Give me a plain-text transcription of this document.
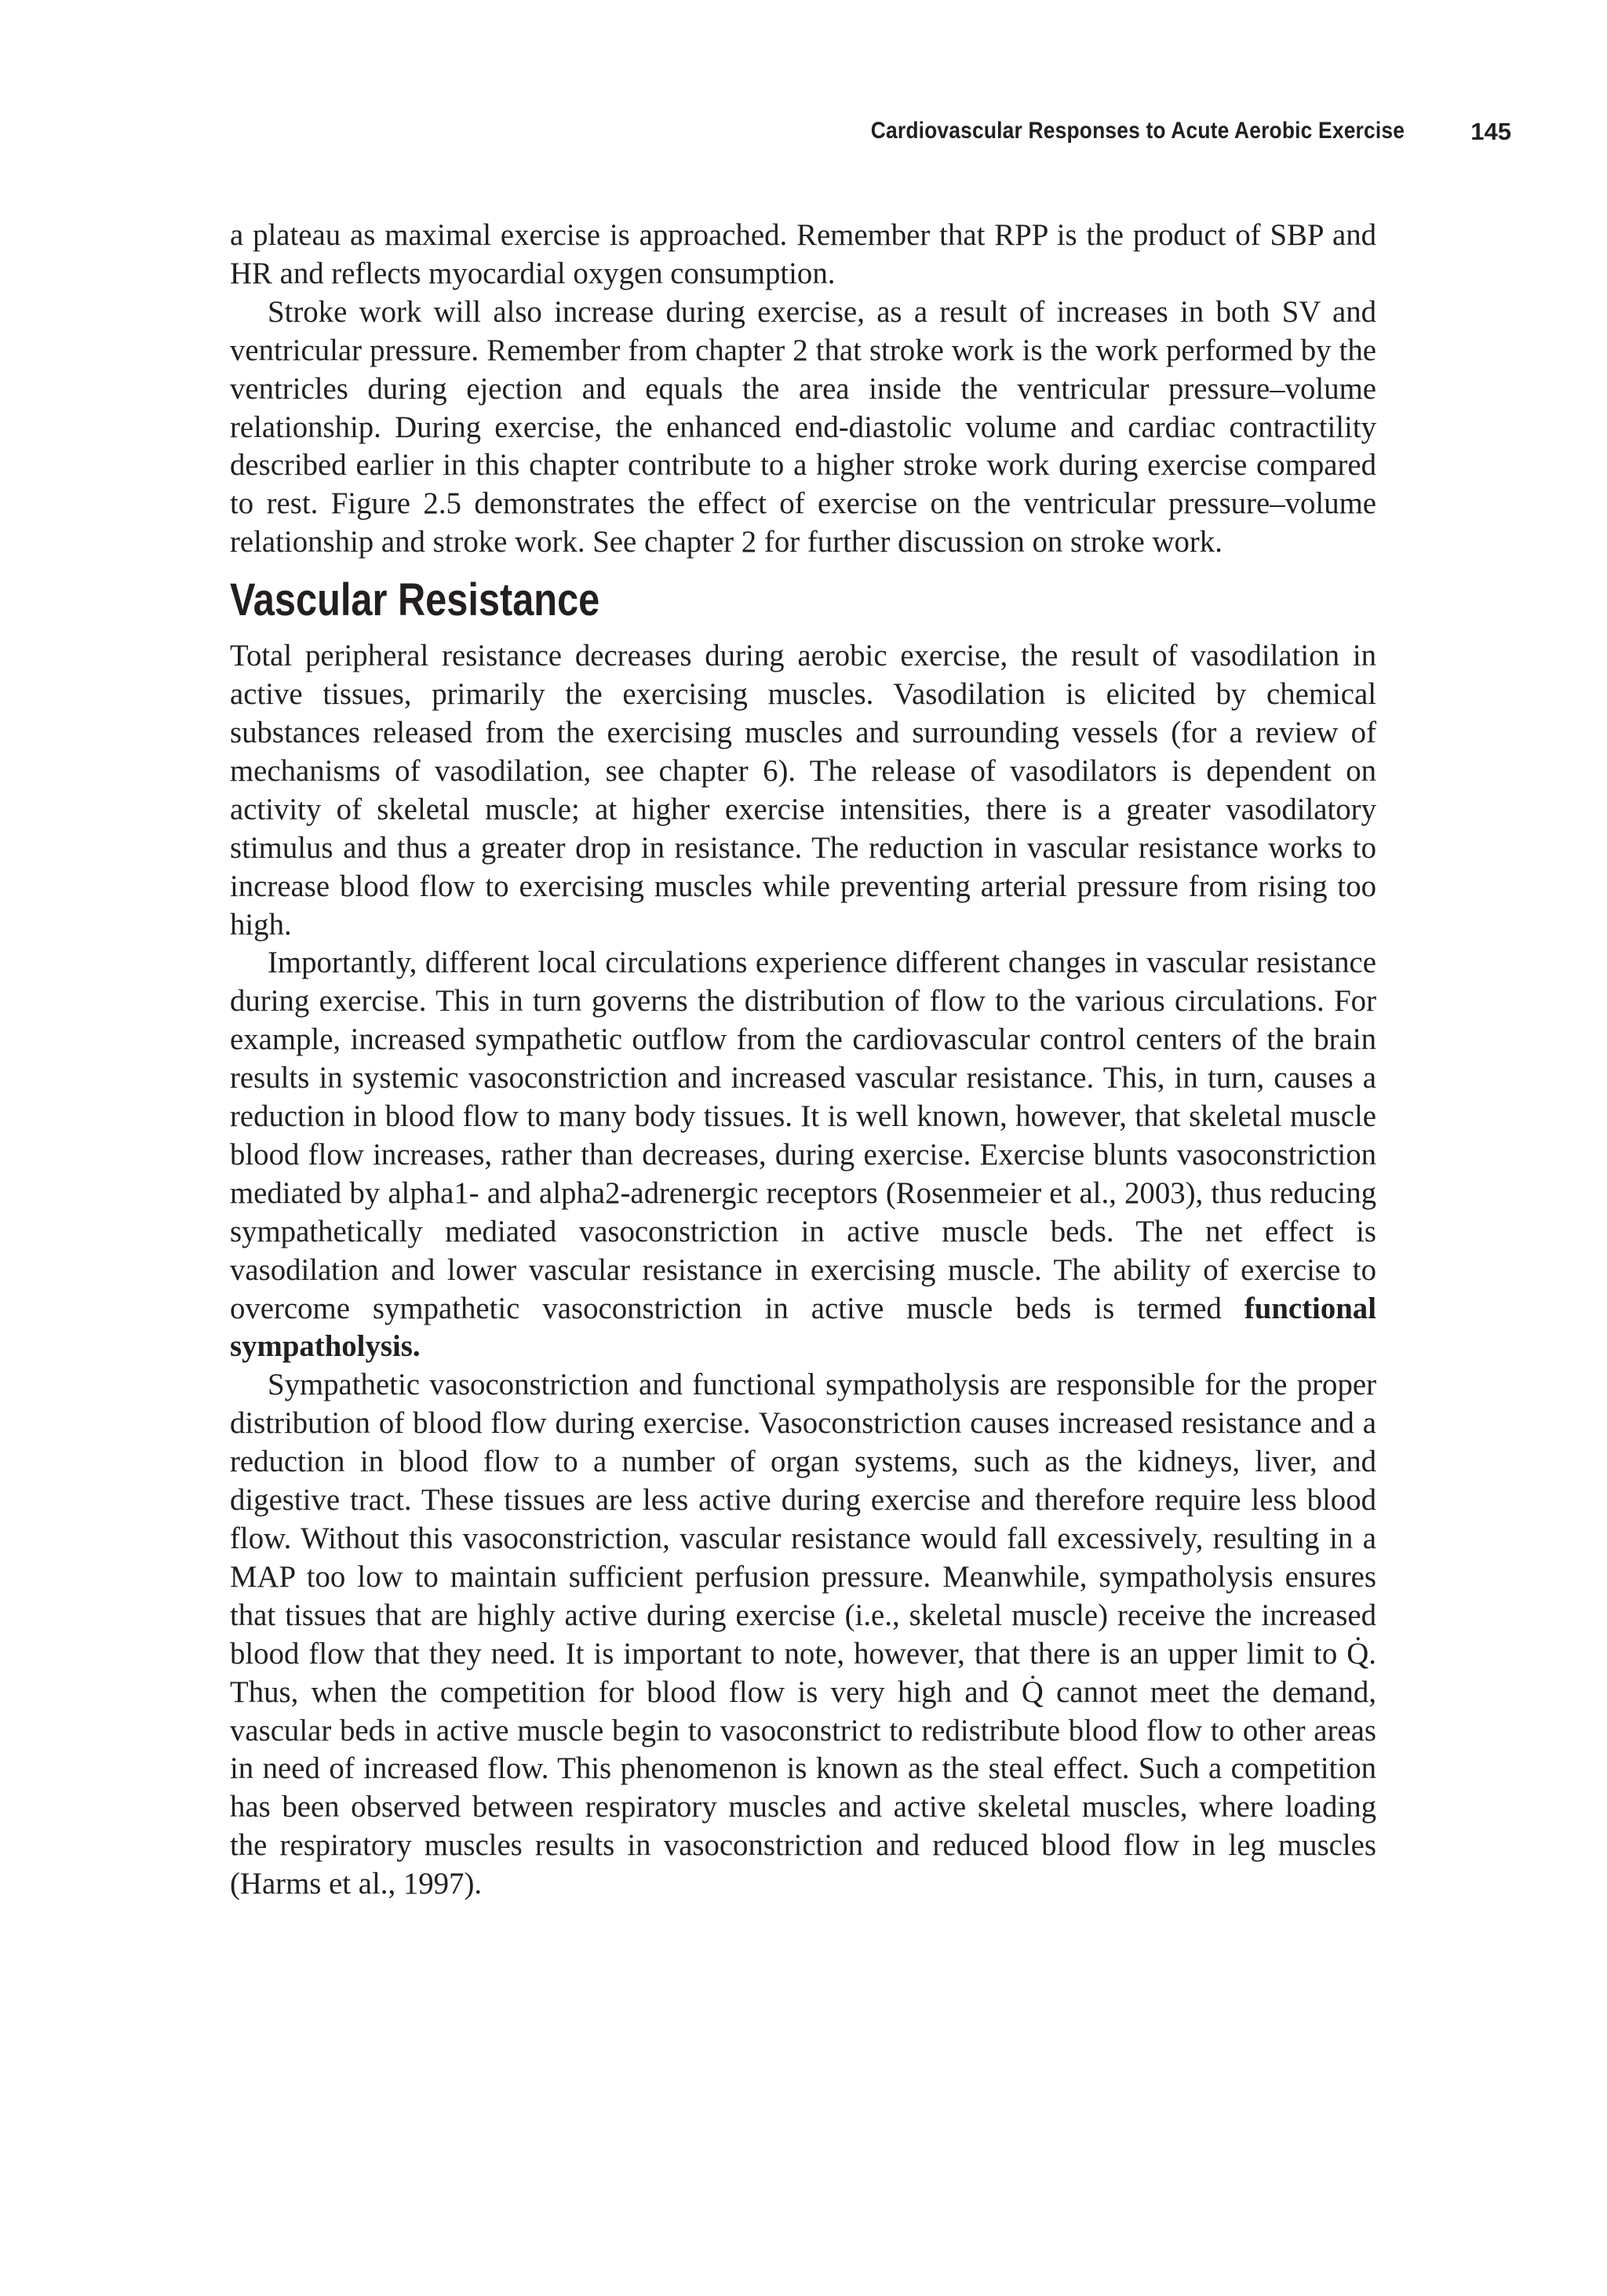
Cardiovascular Responses to Acute Aerobic Exercise	145

a plateau as maximal exercise is approached. Remember that RPP is the product of SBP and HR and reflects myocardial oxygen consumption.

Stroke work will also increase during exercise, as a result of increases in both SV and ventricular pressure. Remember from chapter 2 that stroke work is the work performed by the ventricles during ejection and equals the area inside the ventricular pressure–volume relationship. During exercise, the enhanced end-diastolic volume and cardiac contractility described earlier in this chapter contribute to a higher stroke work during exercise compared to rest. Figure 2.5 demonstrates the effect of exercise on the ventricular pressure–volume relationship and stroke work. See chapter 2 for further discussion on stroke work.

Vascular Resistance

Total peripheral resistance decreases during aerobic exercise, the result of vasodilation in active tissues, primarily the exercising muscles. Vasodilation is elicited by chemical substances released from the exercising muscles and surrounding vessels (for a review of mechanisms of vasodilation, see chapter 6). The release of vasodilators is dependent on activity of skeletal muscle; at higher exercise intensities, there is a greater vasodilatory stimulus and thus a greater drop in resistance. The reduction in vascular resistance works to increase blood flow to exercising muscles while preventing arterial pressure from rising too high.

Importantly, different local circulations experience different changes in vascular resistance during exercise. This in turn governs the distribution of flow to the various circulations. For example, increased sympathetic outflow from the cardiovascular control centers of the brain results in systemic vasoconstriction and increased vascular resistance. This, in turn, causes a reduction in blood flow to many body tissues. It is well known, however, that skeletal muscle blood flow increases, rather than decreases, during exercise. Exercise blunts vasoconstriction mediated by alpha1- and alpha2-adrenergic receptors (Rosenmeier et al., 2003), thus reducing sympathetically mediated vasoconstriction in active muscle beds. The net effect is vasodilation and lower vascular resistance in exercising muscle. The ability of exercise to overcome sympathetic vasoconstriction in active muscle beds is termed functional sympatholysis.

Sympathetic vasoconstriction and functional sympatholysis are responsible for the proper distribution of blood flow during exercise. Vasoconstriction causes increased resistance and a reduction in blood flow to a number of organ systems, such as the kidneys, liver, and digestive tract. These tissues are less active during exercise and therefore require less blood flow. Without this vasoconstriction, vascular resistance would fall excessively, resulting in a MAP too low to maintain sufficient perfusion pressure. Meanwhile, sympatholysis ensures that tissues that are highly active during exercise (i.e., skeletal muscle) receive the increased blood flow that they need. It is important to note, however, that there is an upper limit to Q̇. Thus, when the competition for blood flow is very high and Q̇ cannot meet the demand, vascular beds in active muscle begin to vasoconstrict to redistribute blood flow to other areas in need of increased flow. This phenomenon is known as the steal effect. Such a competition has been observed between respiratory muscles and active skeletal muscles, where loading the respiratory muscles results in vasoconstriction and reduced blood flow in leg muscles (Harms et al., 1997).
